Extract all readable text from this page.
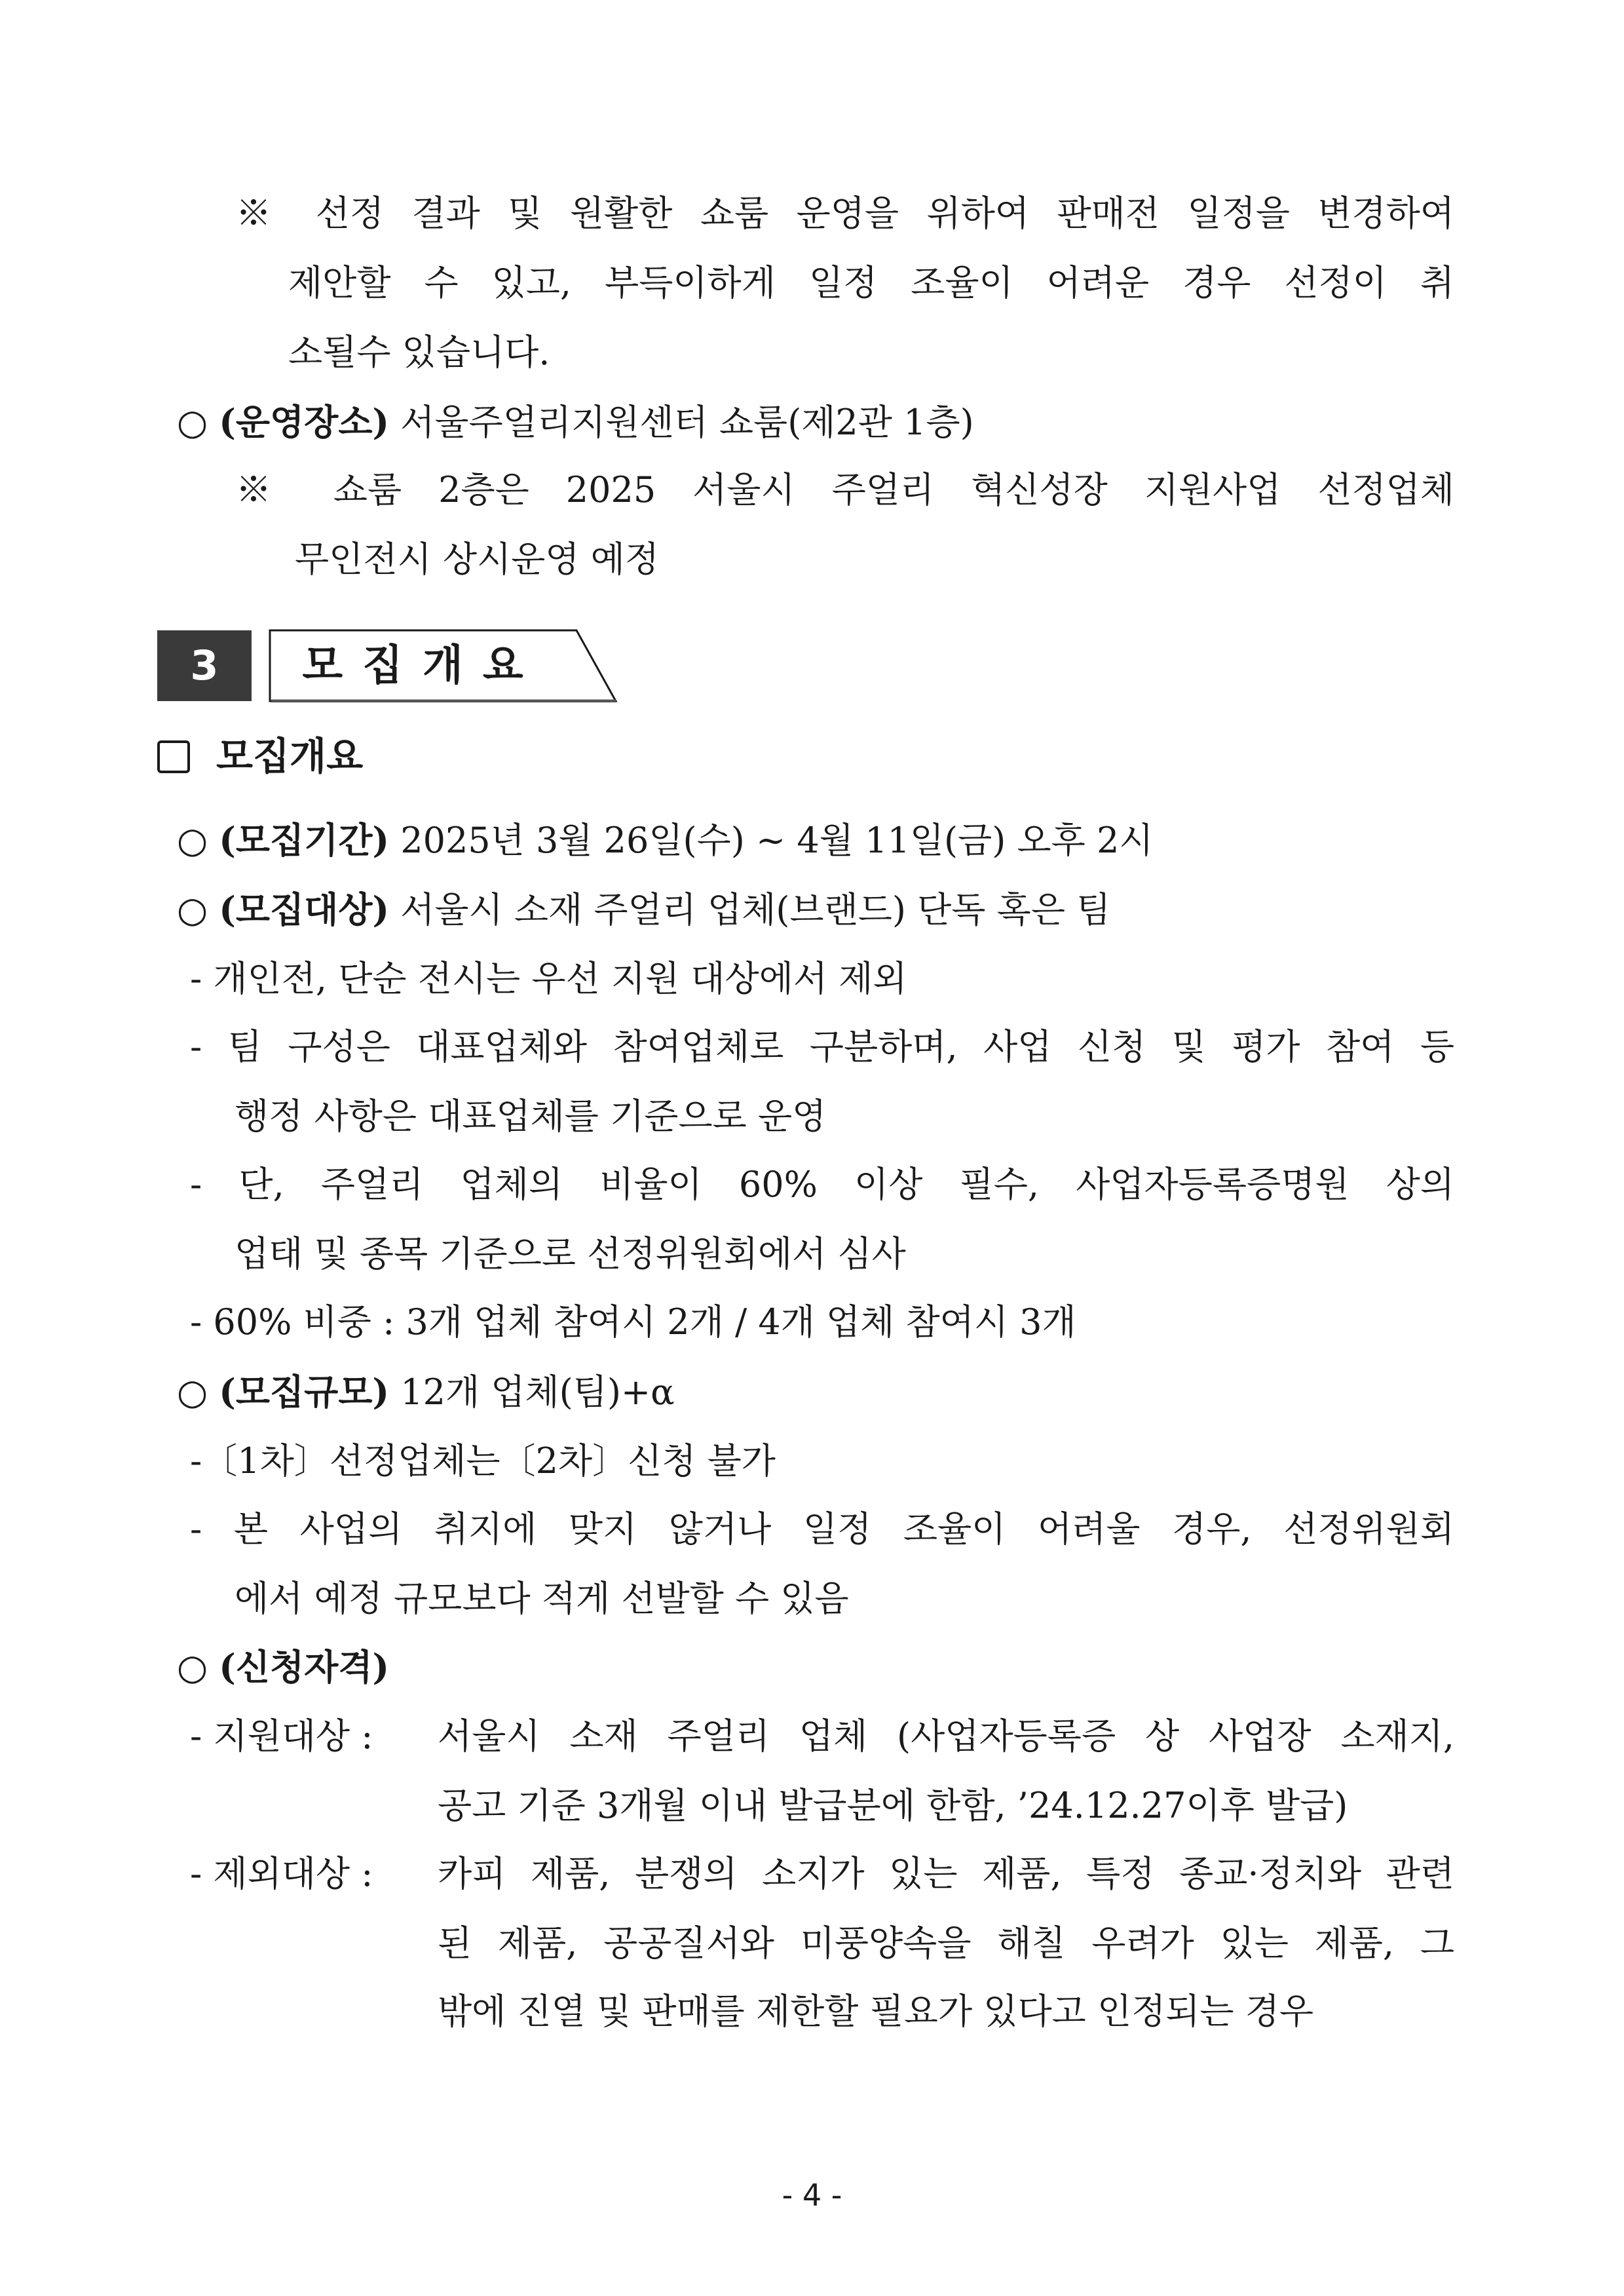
※ 선정 결과 및 원활한 쇼룸 운영을 위하여 판매전 일정을 변경하여

제안할 수 있고, 부득이하게 일정 조율이 어려운 경우 선정이 취

소될수 있습니다.

○ (운영장소) 서울주얼리지원센터 쇼룸(제2관 1층)

※ 쇼룸 2층은 2025 서울시 주얼리 혁신성장 지원사업 선정업체

무인전시 상시운영 예정

3	모집개요

모집개요

○ (모집기간) 2025년 3월 26일(수) ~ 4월 11일(금) 오후 2시
○ (모집대상) 서울시 소재 주얼리 업체(브랜드) 단독 혹은 팀

- 개인전, 단순 전시는 우선 지원 대상에서 제외

- 팀 구성은 대표업체와 참여업체로 구분하며, 사업 신청 및 평가 참여 등

행정 사항은 대표업체를 기준으로 운영

- 단, 주얼리 업체의 비율이 60% 이상 필수, 사업자등록증명원 상의

업태 및 종목 기준으로 선정위원회에서 심사

- 60% 비중 : 3개 업체 참여시 2개 / 4개 업체 참여시 3개

○ (모집규모) 12개 업체(팀)+α

-〔1차〕선정업체는〔2차〕신청 불가

- 본 사업의 취지에 맞지 않거나 일정 조율이 어려울 경우, 선정위원회

에서 예정 규모보다 적게 선발할 수 있음

○ (신청자격)

- 지원대상 : 서울시 소재 주얼리 업체 (사업자등록증 상 사업장 소재지,

공고 기준 3개월 이내 발급분에 한함, ’24.12.27이후 발급)

- 제외대상 : 카피 제품, 분쟁의 소지가 있는 제품, 특정 종교·정치와 관련

된 제품, 공공질서와 미풍양속을 해칠 우려가 있는 제품, 그

밖에 진열 및 판매를 제한할 필요가 있다고 인정되는 경우

- 4 -
